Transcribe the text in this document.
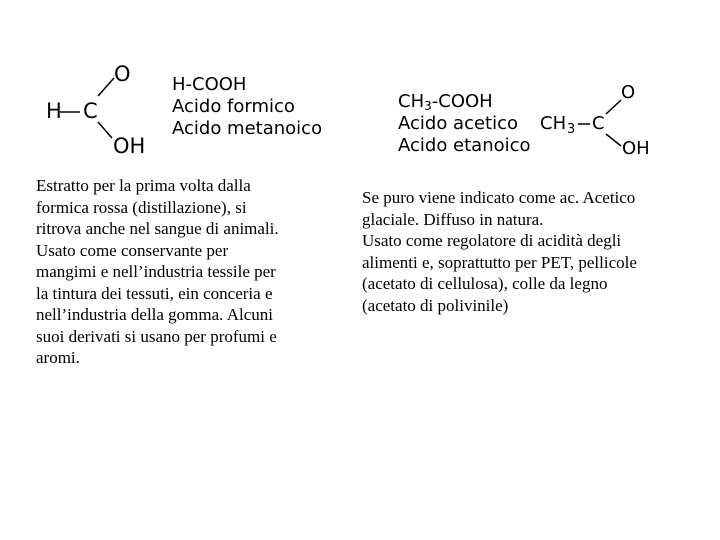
H C
O
OH
H-COOH
Acido formico
Acido metanoico
Estratto per la prima volta dalla
formica rossa (distillazione), si
ritrova anche nel sangue di animali.
Usato come conservante per
mangimi e nell’industria tessile per
la tintura dei tessuti, ein conceria e
nell’industria della gomma. Alcuni
suoi derivati si usano per profumi e
aromi.
$CH_3$-COOH
Acido acetico
Acido etanoico
CH 3 C
O
OH
Se puro viene indicato come ac. Acetico
glaciale. Diffuso in natura.
Usato come regolatore di acidità degli
alimenti e, soprattutto per PET, pellicole
(acetato di cellulosa), colle da legno
(acetato di polivinile)
